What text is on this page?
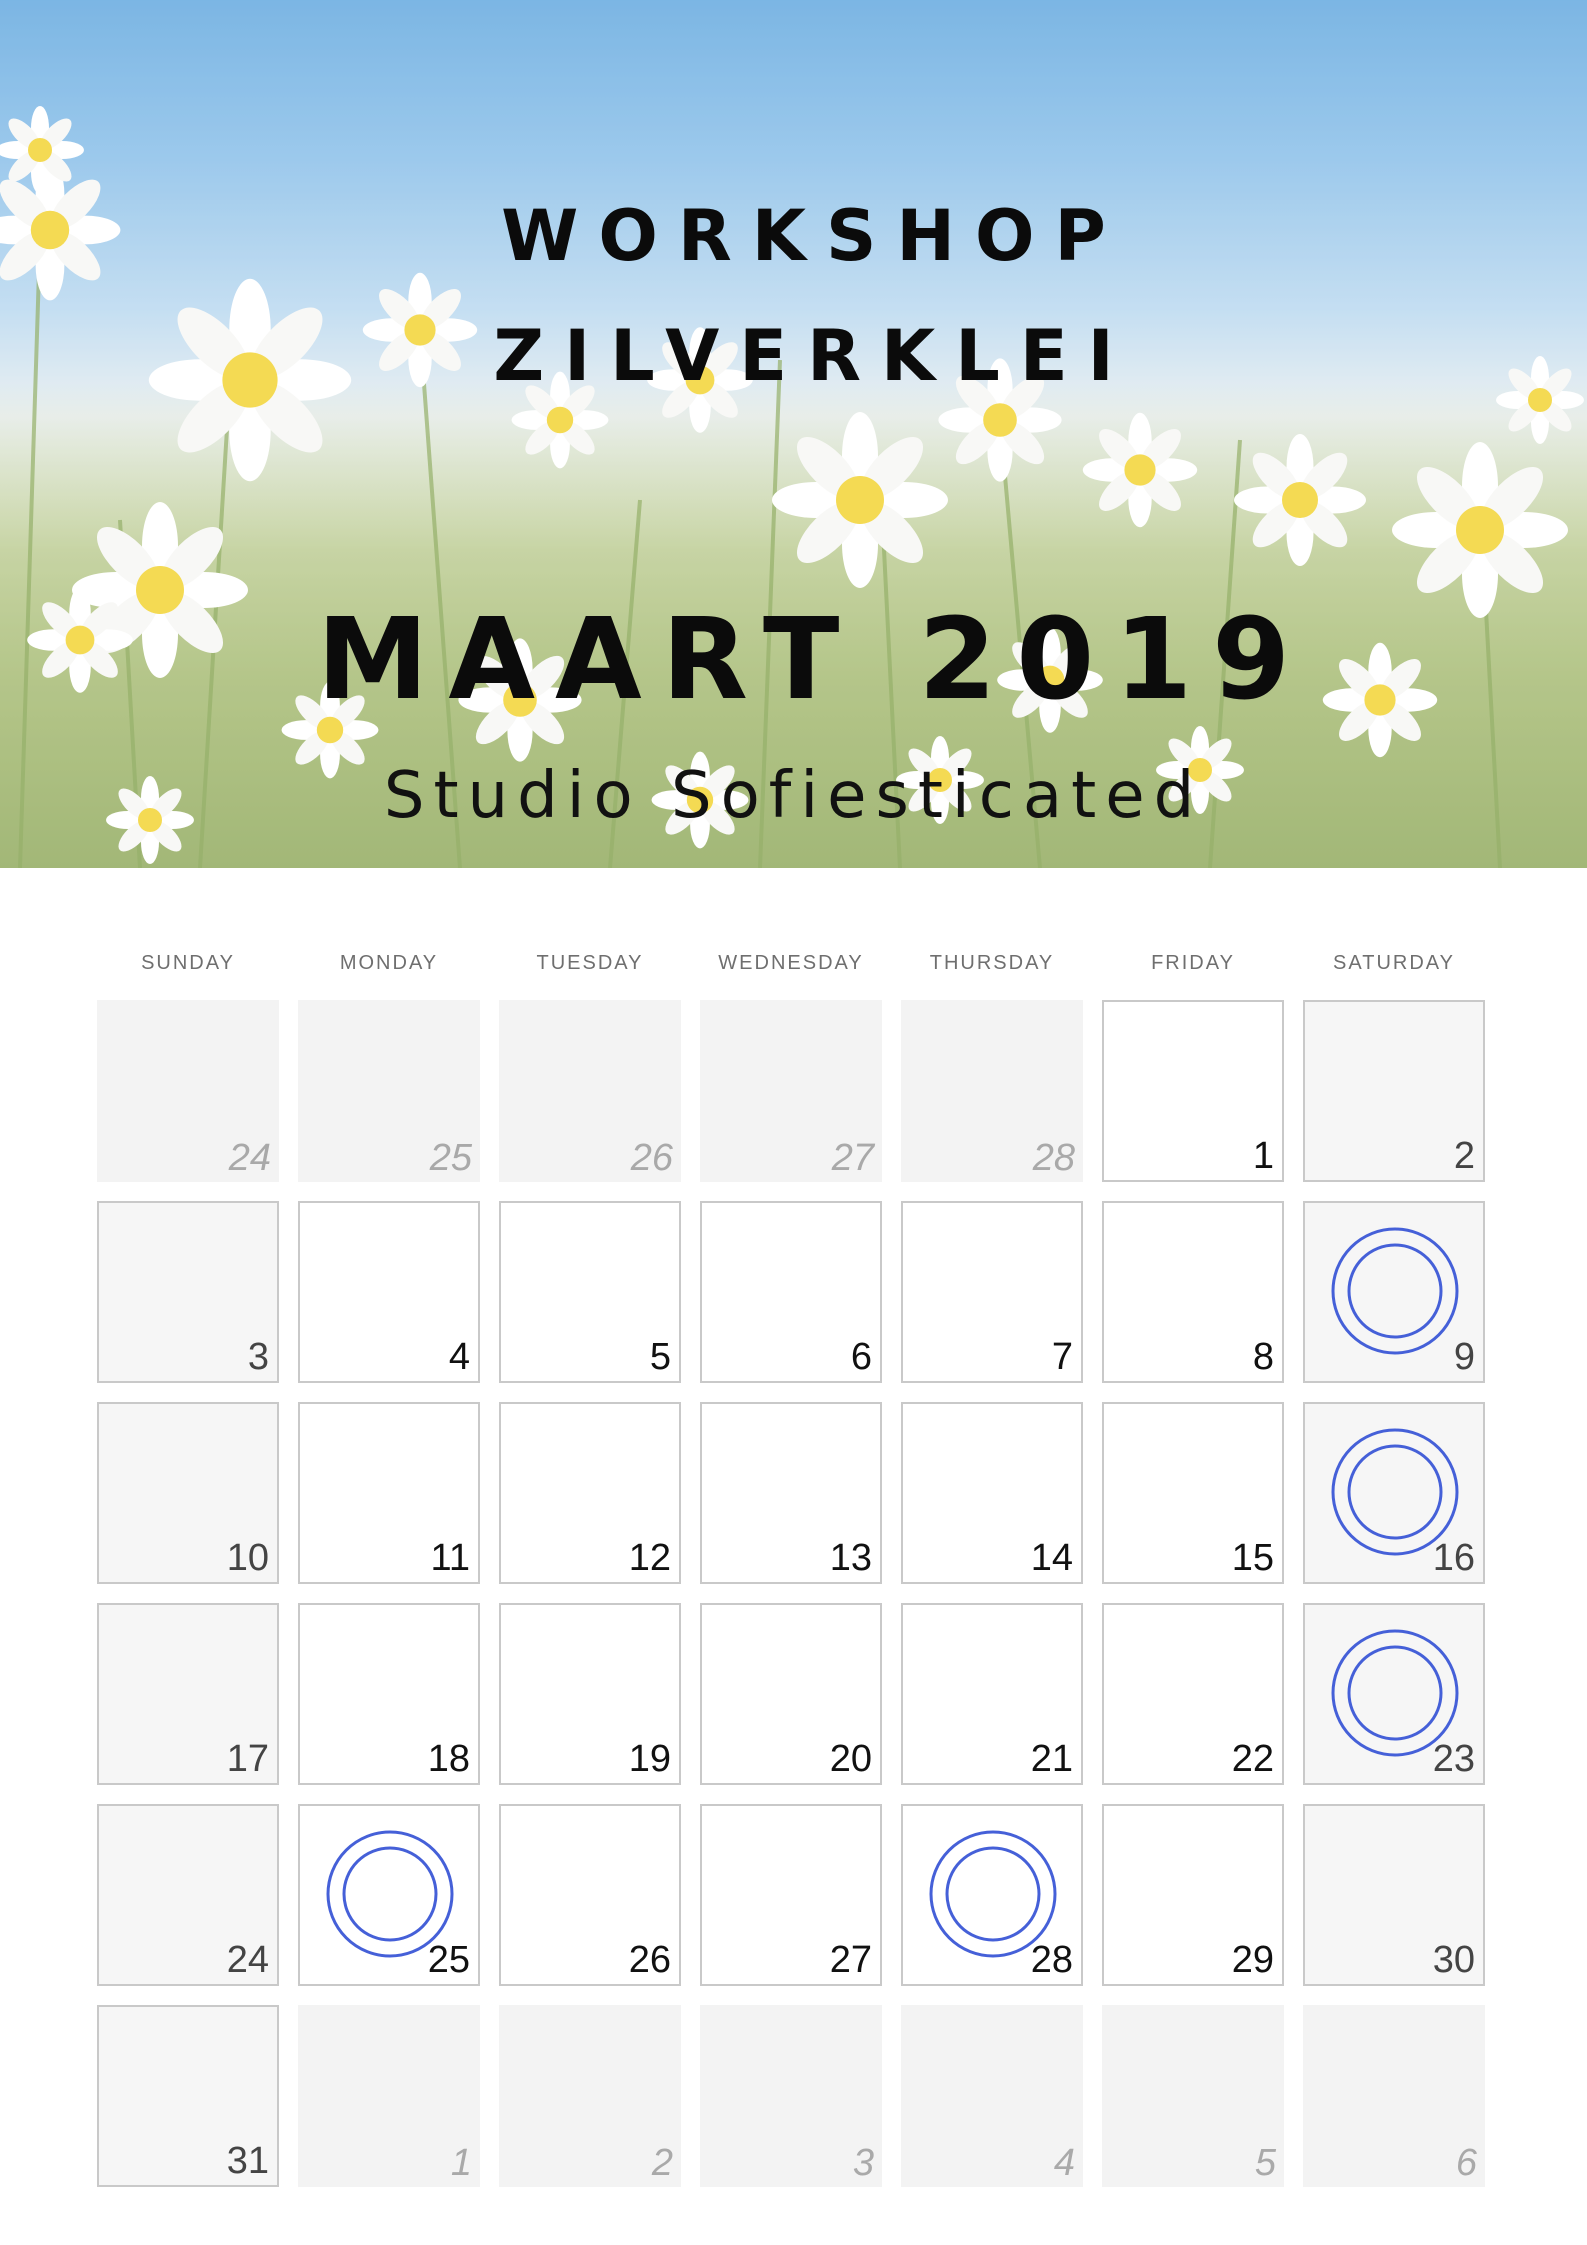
WORKSHOP
ZILVERKLEI
MAART 2019
Studio Sofiesticated
SUNDAY	MONDAY	TUESDAY	WEDNESDAY	THURSDAY	FRIDAY	SATURDAY
24	25	26	27	28	1	2
3	4	5	6	7	8	9
10	11	12	13	14	15	16
17	18	19	20	21	22	23
24	25	26	27	28	29	30
31	1	2	3	4	5	6
